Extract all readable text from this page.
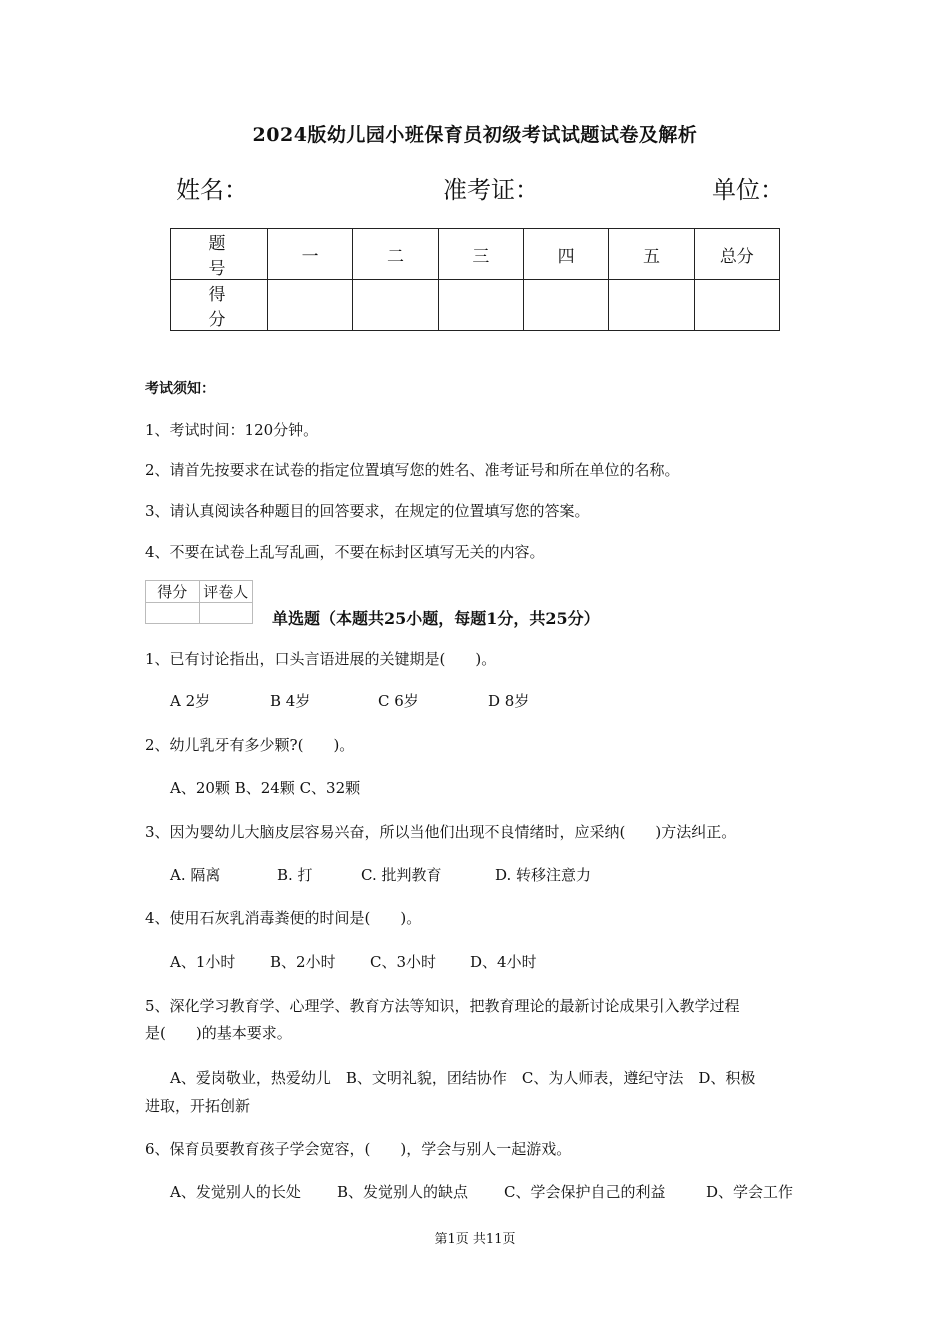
2024版幼儿园小班保育员初级考试试题试卷及解析
姓名：	准考证：	单位：
题　号	一	二	三	四	五	总分
得　分						
考试须知：
1、考试时间：120分钟。
2、请首先按要求在试卷的指定位置填写您的姓名、准考证号和所在单位的名称。
3、请认真阅读各种题目的回答要求，在规定的位置填写您的答案。
4、不要在试卷上乱写乱画，不要在标封区填写无关的内容。
得分	评卷人

单选题（本题共25小题，每题1分，共25分）
1、已有讨论指出，口头言语进展的关键期是(　　)。
A 2岁	B 4岁	C 6岁	D 8岁
2、幼儿乳牙有多少颗?(　　)。
A、20颗 B、24颗 C、32颗
3、因为婴幼儿大脑皮层容易兴奋，所以当他们出现不良情绪时，应采纳(　　)方法纠正。
A. 隔离	B. 打	C. 批判教育	D. 转移注意力
4、使用石灰乳消毒粪便的时间是(　　)。
A、1小时 B、2小时 C、3小时 D、4小时
5、深化学习教育学、心理学、教育方法等知识，把教育理论的最新讨论成果引入教学过程
是(　　)的基本要求。
A、爱岗敬业，热爱幼儿　B、文明礼貌，团结协作　C、为人师表，遵纪守法　D、积极
进取，开拓创新
6、保育员要教育孩子学会宽容，(　　)，学会与别人一起游戏。
A、发觉别人的长处 B、发觉别人的缺点 C、学会保护自己的利益	D、学会工作
第1页 共11页
